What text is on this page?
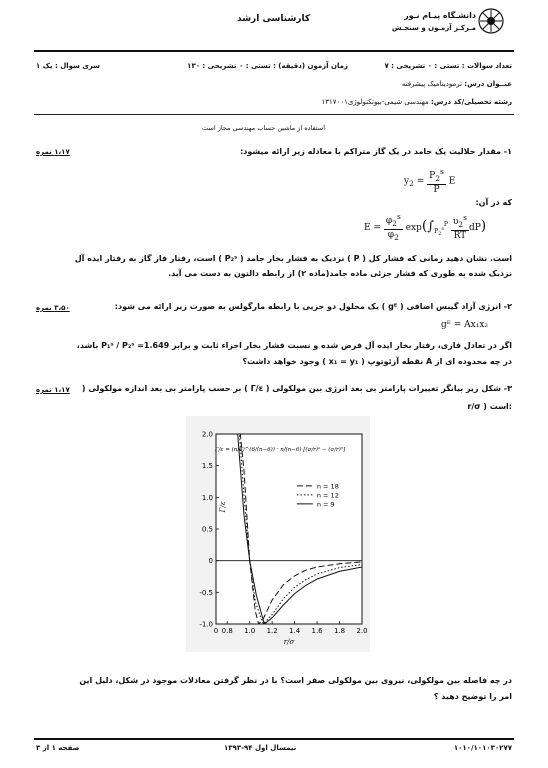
دانشـگاه پیـام نـور
مـرکـز آزمـون و سنجـش
کارشناسی ارشد
تعداد سوالات : تستی : ۰ تشریحی : ۷
زمان آزمون (دقیقه) : تستی : ۰ تشریحی : ۱۳۰
سری سوال : یک ۱
عنــوان درس: ترمودینامیک پیشرفته
رشته تحصیلی/کد درس: مهندسی شیمی-بیوتکنولوژی۱۳۱۷۰۰۱
استفاده از ماشین حساب مهندسی مجاز است
۱،۱۷ نمره	۱- مقدار حلالیت یک جامد در یک گاز متراکم با معادله زیر ارائه میشود:
$y_2 = \frac{P_2^s}{P}$ E
که در آن:
$E = \frac{\varphi_2^s}{\varphi_2} \exp(\int_{P_2^s}^P \frac{\upsilon_2^s}{RT} dP)$
است. نشان دهید زمانی که فشار کل ( P ) نزدیک به فشار بخار جامد ( P₂ˢ ) است، رفتار فاز گاز به رفتار ایده آل
نزدیک شده به طوری که فشار جزئی ماده جامد(ماده ۲) از رابطه دالتون به دست می آید.
۳،۵۰ نمره	۲- انرژی آزاد گیبس اضافی ( gᴱ ) یک محلول دو جزیی با رابطه مارگولس به صورت زیر ارائه می شود:
gᴱ = Ax₁x₂
اگر در تعادل فازی، رفتار بخار ایده آل فرض شده و نسبت فشار بخار اجزاء ثابت و برابر P₁ˢ / P₂ˢ =1.649 باشد،
در چه محدوده ای از A نقطه آزئوتوپ ( x₁ = y₁ ) وجود خواهد داشت؟
۱،۱۷ نمره	۳- شکل زیر بیانگر تغییرات پارامتر بی بعد انرژی بین مولکولی ( Γ/ε ) بر حسب پارامتر بی بعد اندازه مولکولی (
r/σ ) است:
0 0.8 1.0 1.2 1.4 1.6 1.8 2.0
2.0
1.5
1.0
0.5
0
-0.5
-1.0
r/σ
Γ/ε
Γ/ε = (n/6)^(6/(n−6)) · n/(n−6) [(σ/r)ⁿ − (σ/r)⁶]
n = 18
n = 12
n = 9
در چه فاصله بین مولکولی، نیروی بین مولکولی صفر است؟ با در نظر گرفتن معادلات موجود در شکل، دلیل این
امر را توضیح دهید ؟
صفحه ۱ از ۳	نیمسال اول ۹۴-۱۳۹۳	۱۰۱۰/۱۰۱۰۳۰۲۷۷
